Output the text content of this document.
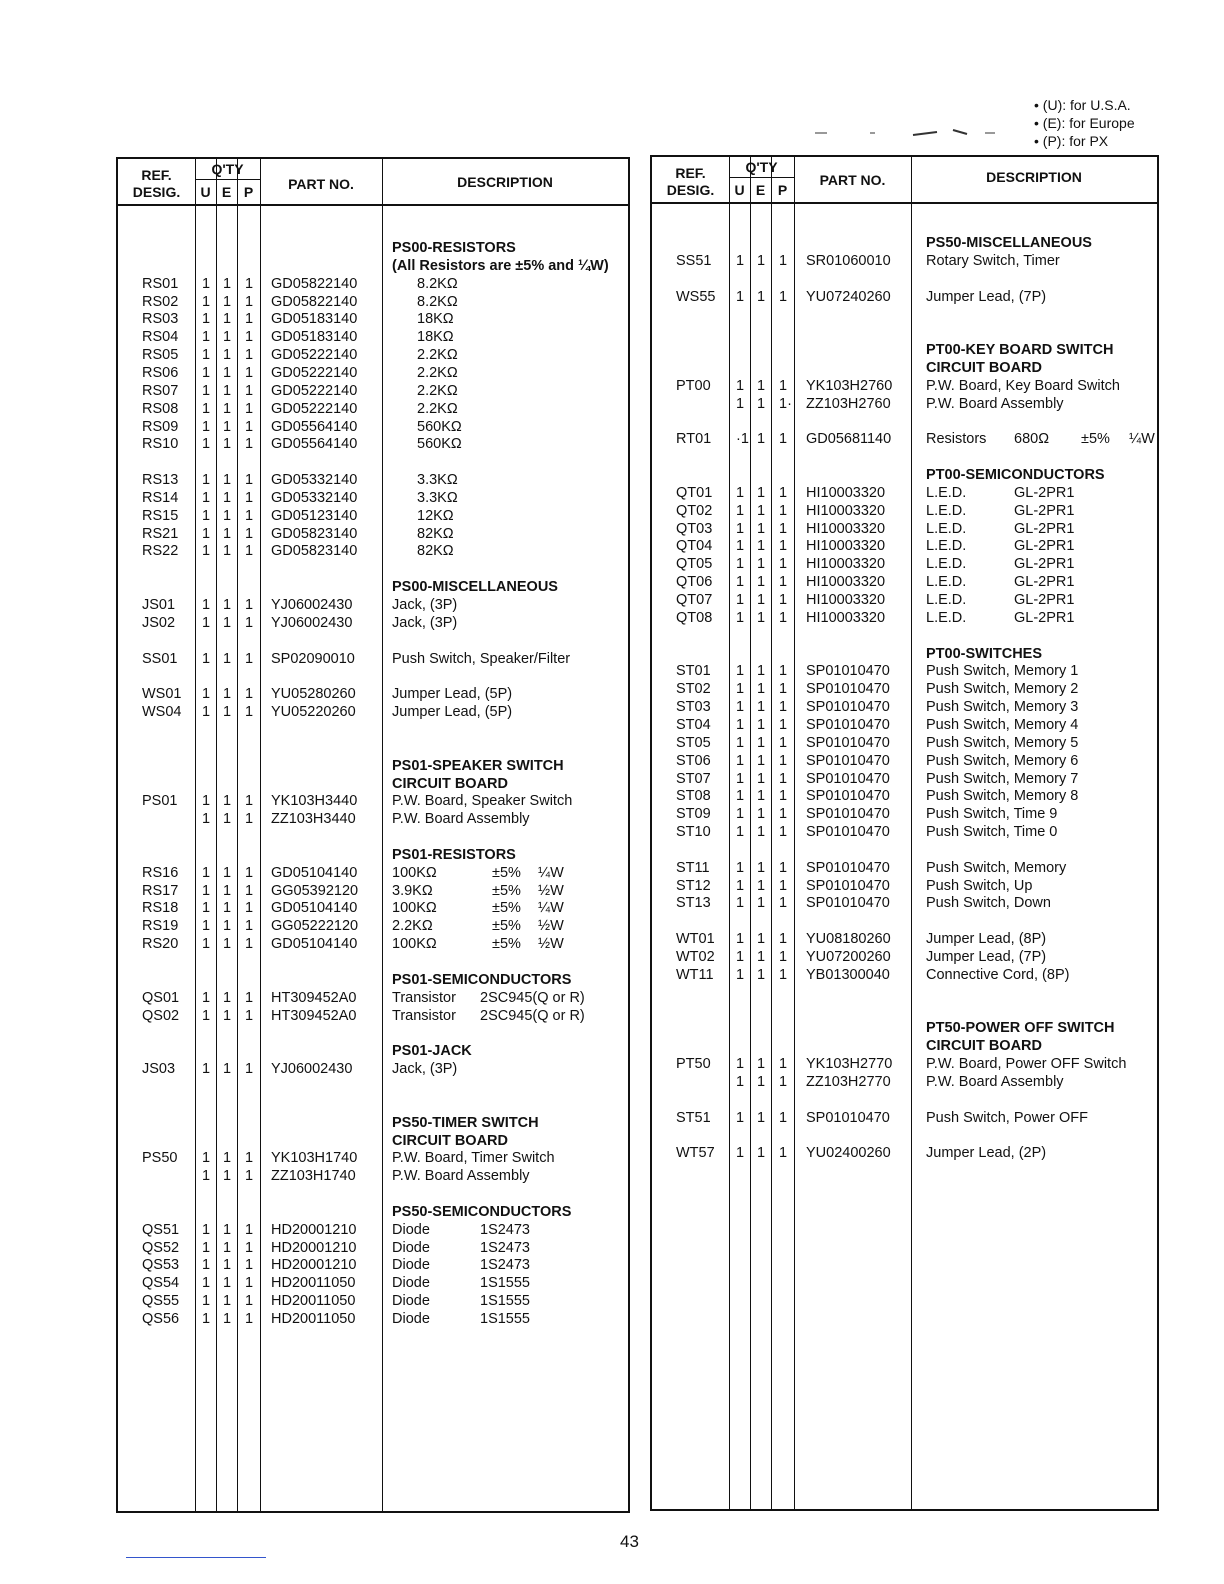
• (U): for U.S.A.
• (E): for Europe
• (P): for PX
REF.
DESIG.
Q'TY
U E P	PART NO.	DESCRIPTION
PS00-RESISTORS
(All Resistors are ±5% and ¼W)
RS01 1 1 1 GD05822140	8.2KΩ
RS02 1 1 1 GD05822140	8.2KΩ
RS03 1 1 1 GD05183140	18KΩ
RS04 1 1 1 GD05183140	18KΩ
RS05 1 1 1 GD05222140	2.2KΩ
RS06 1 1 1 GD05222140	2.2KΩ
RS07 1 1 1 GD05222140	2.2KΩ
RS08 1 1 1 GD05222140	2.2KΩ
RS09 1 1 1 GD05564140	560KΩ
RS10 1 1 1 GD05564140	560KΩ
RS13 1 1 1 GD05332140	3.3KΩ
RS14 1 1 1 GD05332140	3.3KΩ
RS15 1 1 1 GD05123140	12KΩ
RS21 1 1 1 GD05823140	82KΩ
RS22 1 1 1 GD05823140	82KΩ
PS00-MISCELLANEOUS
JS01 1 1 1 YJ06002430	Jack, (3P)
JS02 1 1 1 YJ06002430	Jack, (3P)
SS01 1 1 1 SP02090010	Push Switch, Speaker/Filter
WS01 1 1 1 YU05280260	Jumper Lead, (5P)
WS04 1 1 1 YU05220260	Jumper Lead, (5P)
PS01-SPEAKER SWITCH
CIRCUIT BOARD
PS01 1 1 1 YK103H3440 P.W. Board, Speaker Switch
1 1 1 ZZ103H3440	P.W. Board Assembly
PS01-RESISTORS
RS16 1 1 1 GD05104140 100KΩ	±5% ¼W
RS17 1 1 1 GG05392120 3.9KΩ	±5% ½W
RS18 1 1 1 GD05104140 100KΩ	±5% ¼W
RS19 1 1 1 GG05222120 2.2KΩ	±5% ½W
RS20 1 1 1 GD05104140 100KΩ	±5% ½W
PS01-SEMICONDUCTORS
QS01 1 1 1 HT309452A0 Transistor 2SC945(Q or R)
QS02 1 1 1 HT309452A0 Transistor 2SC945(Q or R)
PS01-JACK
JS03 1 1 1 YJ06002430	Jack, (3P)
PS50-TIMER SWITCH
CIRCUIT BOARD
PS50 1 1 1 YK103H1740 P.W. Board, Timer Switch
1 1 1 ZZ103H1740	P.W. Board Assembly
PS50-SEMICONDUCTORS
QS51 1 1 1 HD20001210 Diode	1S2473
QS52 1 1 1 HD20001210 Diode	1S2473
QS53 1 1 1 HD20001210 Diode	1S2473
QS54 1 1 1 HD20011050	Diode	1S1555
QS55 1 1 1 HD20011050	Diode	1S1555
QS56 1 1 1 HD20011050	Diode	1S1555
REF.
DESIG.
Q'TY
U E P
PART NO.	DESCRIPTION
PS50-MISCELLANEOUS
SS51 1 1 1 SR01060010 Rotary Switch, Timer
WS55 1 1 1 YU07240260 Jumper Lead, (7P)
PT00-KEY BOARD SWITCH
CIRCUIT BOARD
PT00 1 1 1 YK103H2760 P.W. Board, Key Board Switch
1 1 1· ZZ103H2760 P.W. Board Assembly
RT01 ·1 1 1 GD05681140 Resistors 680Ω ±5% ¼W
PT00-SEMICONDUCTORS
QT01 1 1 1 HI10003320	L.E.D.	GL-2PR1
QT02 1 1 1 HI10003320	L.E.D.	GL-2PR1
QT03 1 1 1 HI10003320	L.E.D.	GL-2PR1
QT04 1 1 1 HI10003320	L.E.D.	GL-2PR1
QT05 1 1 1 HI10003320	L.E.D.	GL-2PR1
QT06 1 1 1 HI10003320	L.E.D.	GL-2PR1
QT07 1 1 1 HI10003320	L.E.D.	GL-2PR1
QT08 1 1 1 HI10003320	L.E.D.	GL-2PR1
PT00-SWITCHES
ST01 1 1 1 SP01010470 Push Switch, Memory 1
ST02 1 1 1 SP01010470 Push Switch, Memory 2
ST03 1 1 1 SP01010470 Push Switch, Memory 3
ST04 1 1 1 SP01010470 Push Switch, Memory 4
ST05 1 1 1 SP01010470 Push Switch, Memory 5
ST06 1 1 1 SP01010470 Push Switch, Memory 6
ST07 1 1 1 SP01010470 Push Switch, Memory 7
ST08 1 1 1 SP01010470 Push Switch, Memory 8
ST09 1 1 1 SP01010470 Push Switch, Time 9
ST10 1 1 1 SP01010470 Push Switch, Time 0
ST11 1 1 1 SP01010470 Push Switch, Memory
ST12 1 1 1 SP01010470 Push Switch, Up
ST13 1 1 1 SP01010470 Push Switch, Down
WT01 1 1 1 YU08180260 Jumper Lead, (8P)
WT02 1 1 1 YU07200260 Jumper Lead, (7P)
WT11 1 1 1 YB01300040 Connective Cord, (8P)
PT50-POWER OFF SWITCH
CIRCUIT BOARD
PT50 1 1 1 YK103H2770 P.W. Board, Power OFF Switch
1 1 1 ZZ103H2770 P.W. Board Assembly
ST51 1 1 1 SP01010470 Push Switch, Power OFF
WT57 1 1 1 YU02400260 Jumper Lead, (2P)
43
